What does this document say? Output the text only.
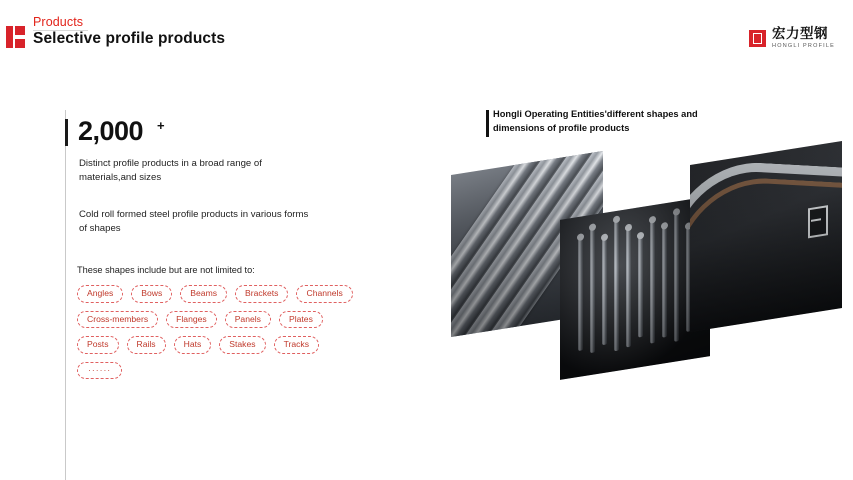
Products
Selective profile products	宏力型钢
HONGLI PROFILE
2,000 +
Distinct profile products in a broad range of materials,and sizes
Cold roll formed steel profile products in various forms of shapes
These shapes include but are not limited to:
Angles	Bows	Beams	Brackets	Channels
Cross-members	Flanges	Panels	Plates
Posts	Rails	Hats	Stakes	Tracks
······
Hongli Operating Entities'different shapes and dimensions of profile products
